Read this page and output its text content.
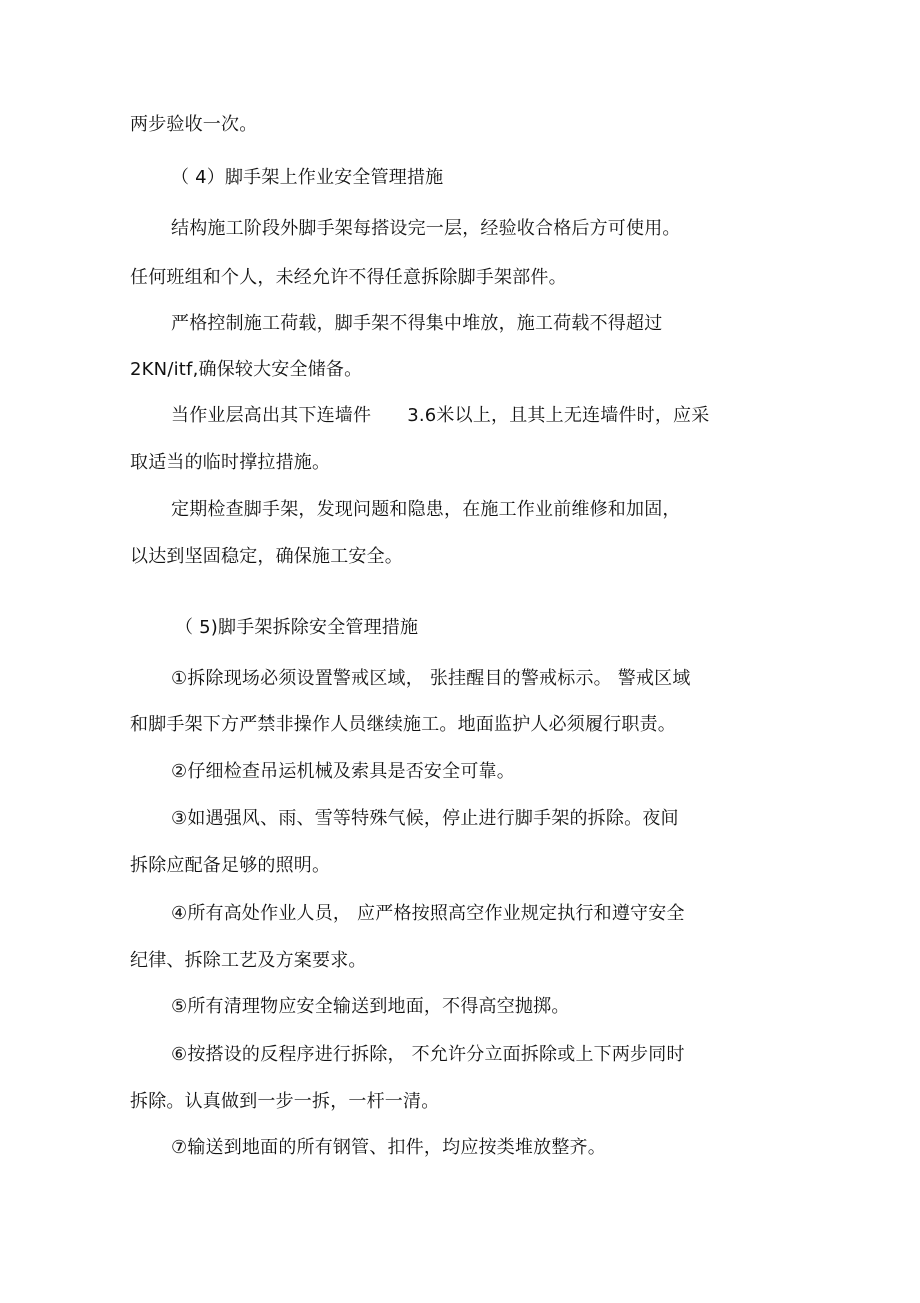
两步验收一次。
（ 4）脚手架上作业安全管理措施
结构施工阶段外脚手架每搭设完一层，经验收合格后方可使用。
任何班组和个人，未经允许不得任意拆除脚手架部件。
严格控制施工荷载，脚手架不得集中堆放，施工荷载不得超过
2KN/itf,确保较大安全储备。
当作业层高出其下连墙件 3.6米以上，且其上无连墙件时，应采
取适当的临时撑拉措施。
定期检查脚手架，发现问题和隐患，在施工作业前维修和加固，
以达到坚固稳定，确保施工安全。
（ 5)脚手架拆除安全管理措施
①拆除现场必须设置警戒区域， 张挂醒目的警戒标示。 警戒区域
和脚手架下方严禁非操作人员继续施工。地面监护人必须履行职责。
②仔细检查吊运机械及索具是否安全可靠。
③如遇强风、雨、雪等特殊气候，停止进行脚手架的拆除。夜间
拆除应配备足够的照明。
④所有高处作业人员， 应严格按照高空作业规定执行和遵守安全
纪律、拆除工艺及方案要求。
⑤所有清理物应安全输送到地面，不得高空抛掷。
⑥按搭设的反程序进行拆除， 不允许分立面拆除或上下两步同时
拆除。认真做到一步一拆，一杆一清。
⑦输送到地面的所有钢管、扣件，均应按类堆放整齐。
